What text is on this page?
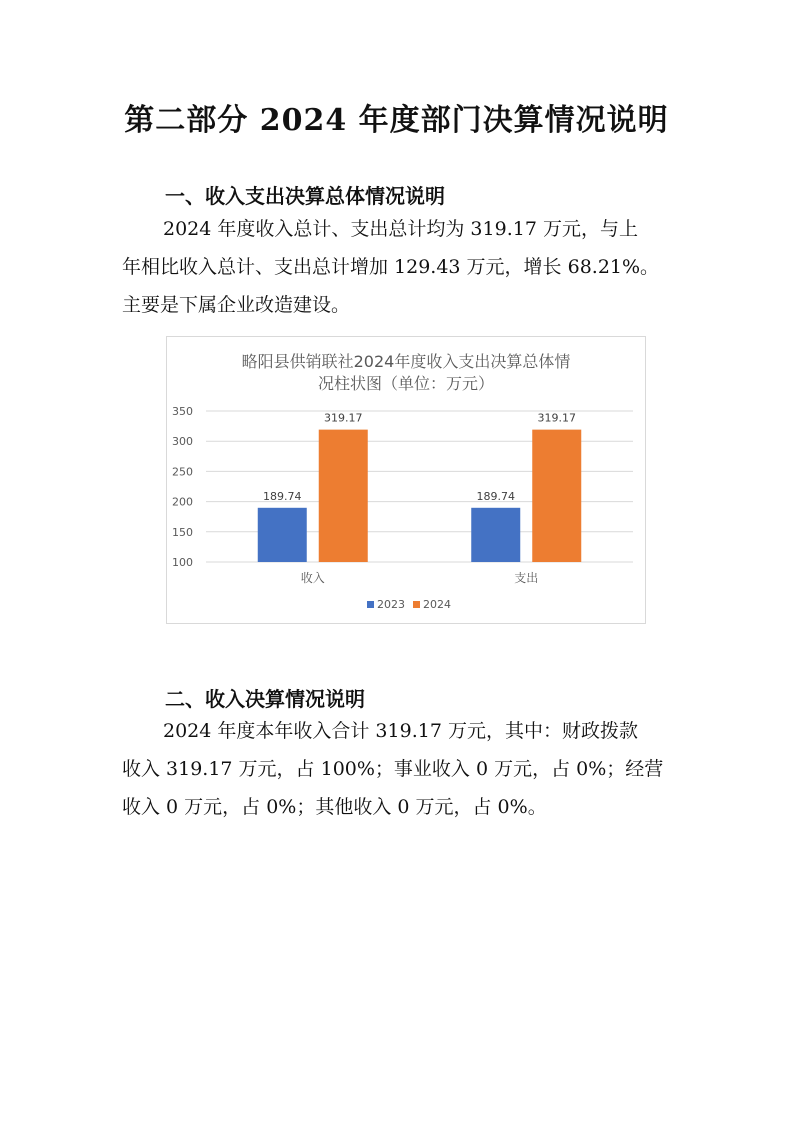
第二部分 2024 年度部门决算情况说明
一、收入支出决算总体情况说明
2024 年度收入总计、支出总计均为 319.17 万元，与上
年相比收入总计、支出总计增加 129.43 万元，增长 68.21%。
主要是下属企业改造建设。
略阳县供销联社2024年度收入支出决算总体情
况柱状图（单位：万元）
100
150
200
250
300
350
189.74
319.17
收入
189.74
319.17
支出
2023 2024
二、收入决算情况说明
2024 年度本年收入合计 319.17 万元，其中：财政拨款
收入 319.17 万元，占 100%；事业收入 0 万元，占 0%；经营
收入 0 万元，占 0%；其他收入 0 万元，占 0%。
